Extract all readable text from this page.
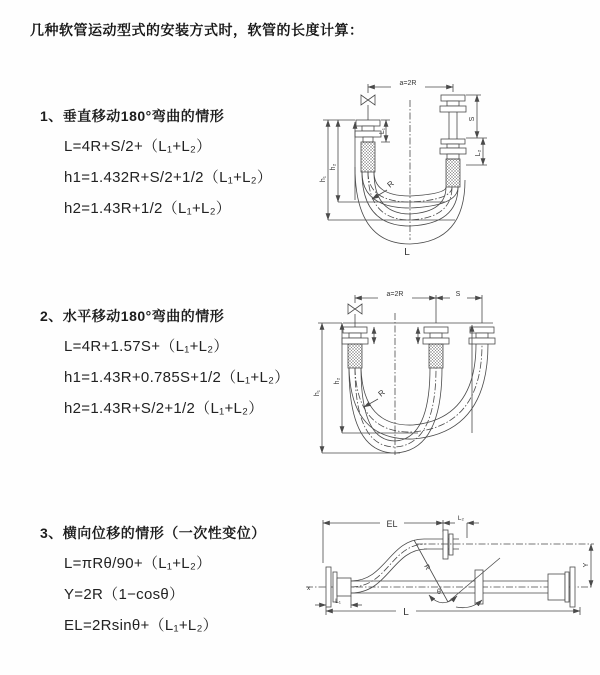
几种软管运动型式的安装方式时，软管的长度计算：
1、垂直移动180°弯曲的情形
L=4R+S/2+（L₁+L₂）
h1=1.432R+S/2+1/2（L₁+L₂）
h2=1.43R+1/2（L₁+L₂）
2、水平移动180°弯曲的情形
L=4R+1.57S+（L₁+L₂）
h1=1.43R+0.785S+1/2（L₁+L₂）
h2=1.43R+S/2+1/2（L₁+L₂）
3、横向位移的情形（一次性变位）
L=πRθ/90+（L₁+L₂）
Y=2R（1−cosθ）
EL=2Rsinθ+（L₁+L₂）
a=2R
L₁
S
L₂
h₂
h₁	R
L
a=2R	S
h₂
h₁	R
EL
L₂
Y
R
θ
L
L₁
x
